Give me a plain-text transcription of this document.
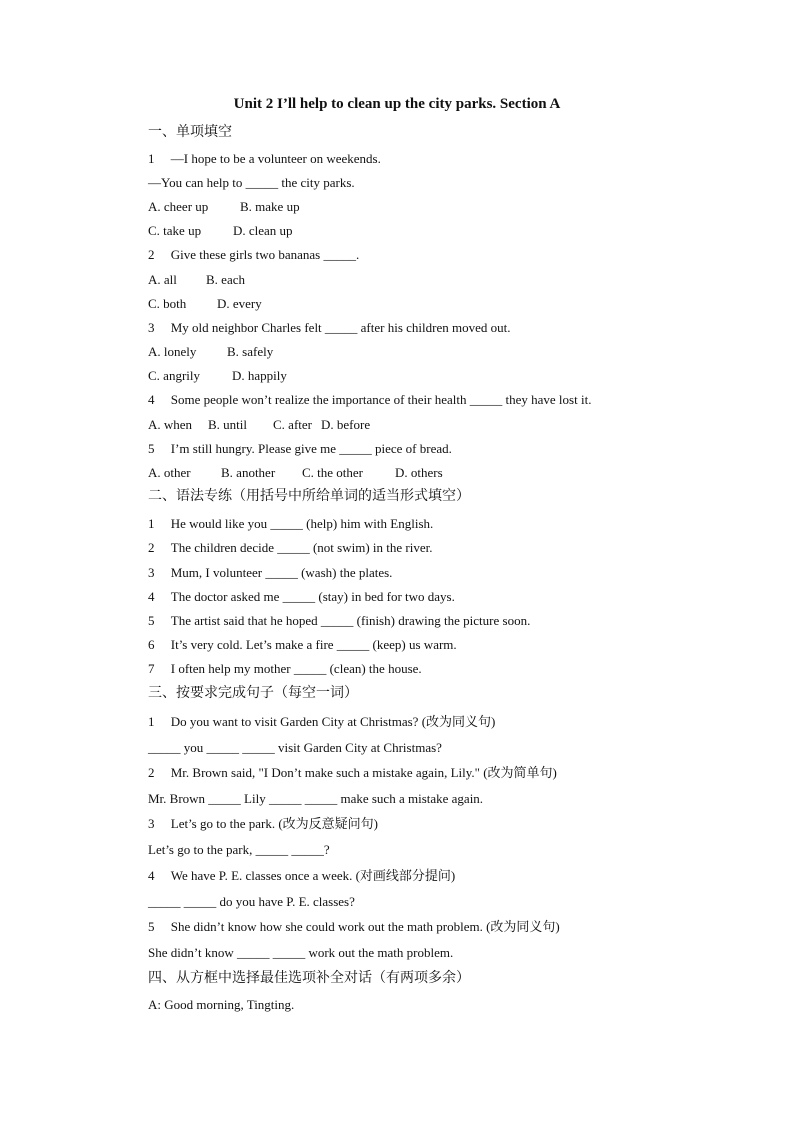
Unit 2 I’ll help to clean up the city parks. Section A
一、单项填空
1 　—I hope to be a volunteer on weekends.
—You can help to _____ the city parks.
A. cheer up B. make up
C. take up D. clean up
2 　Give these girls two bananas _____.
A. all B. each
C. both D. every
3 　My old neighbor Charles felt _____ after his children moved out.
A. lonely B. safely
C. angrily D. happily
4 　Some people won’t realize the importance of their health _____ they have lost it.
A. when B. until C. after D. before
5 　I’m still hungry. Please give me _____ piece of bread.
A. other B. another C. the other D. others
二、语法专练（用括号中所给单词的适当形式填空）
1 　He would like you _____ (help) him with English.
2 　The children decide _____ (not swim) in the river.
3 　Mum, I volunteer _____ (wash) the plates.
4 　The doctor asked me _____ (stay) in bed for two days.
5 　The artist said that he hoped _____ (finish) drawing the picture soon.
6 　It’s very cold. Let’s make a fire _____ (keep) us warm.
7 　I often help my mother _____ (clean) the house.
三、按要求完成句子（每空一词）
1 　Do you want to visit Garden City at Christmas? (改为同义句)
_____ you _____ _____ visit Garden City at Christmas?
2 　Mr. Brown said, "I Don’t make such a mistake again, Lily." (改为简单句)
Mr. Brown _____ Lily _____ _____ make such a mistake again.
3 　Let’s go to the park. (改为反意疑问句)
Let’s go to the park, _____ _____?
4 　We have P. E. classes once a week. (对画线部分提问)
_____ _____ do you have P. E. classes?
5 　She didn’t know how she could work out the math problem. (改为同义句)
She didn’t know _____ _____ work out the math problem.
四、从方框中选择最佳选项补全对话（有两项多余）
A: Good morning, Tingting.
